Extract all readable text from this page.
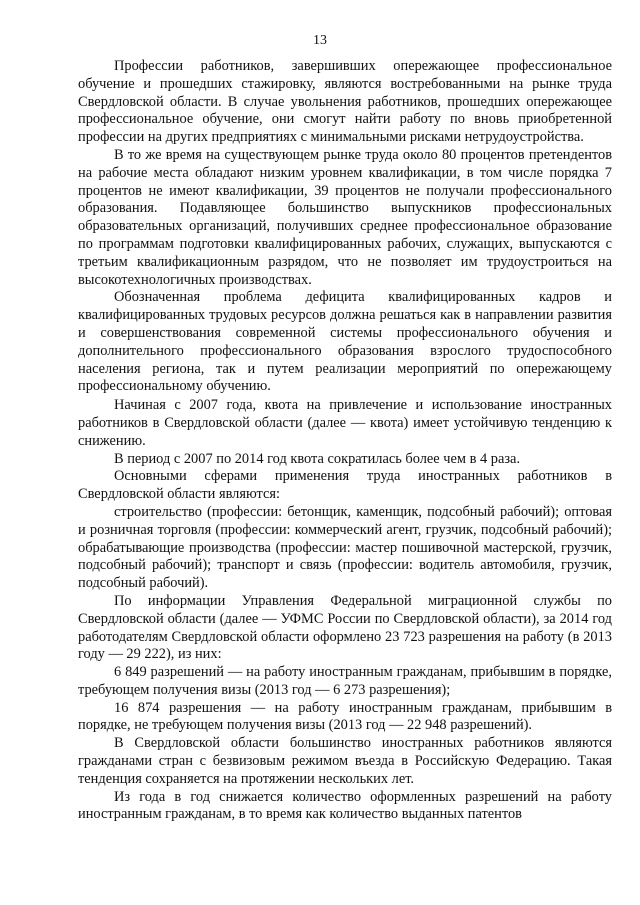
13

Профессии работников, завершивших опережающее профессиональное обучение и прошедших стажировку, являются востребованными на рынке труда Свердловской области. В случае увольнения работников, прошедших опережающее профессиональное обучение, они смогут найти работу по вновь приобретенной профессии на других предприятиях с минимальными рисками нетрудоустройства.

В то же время на существующем рынке труда около 80 процентов претендентов на рабочие места обладают низким уровнем квалификации, в том числе порядка 7 процентов не имеют квалификации, 39 процентов не получали профессионального образования. Подавляющее большинство выпускников профессиональных образовательных организаций, получивших среднее профессиональное образование по программам подготовки квалифицированных рабочих, служащих, выпускаются с третьим квалификационным разрядом, что не позволяет им трудоустроиться на высокотехнологичных производствах.

Обозначенная проблема дефицита квалифицированных кадров и квалифицированных трудовых ресурсов должна решаться как в направлении развития и совершенствования современной системы профессионального обучения и дополнительного профессионального образования взрослого трудоспособного населения региона, так и путем реализации мероприятий по опережающему профессиональному обучению.

Начиная с 2007 года, квота на привлечение и использование иностранных работников в Свердловской области (далее — квота) имеет устойчивую тенденцию к снижению.

В период с 2007 по 2014 год квота сократилась более чем в 4 раза.

Основными сферами применения труда иностранных работников в Свердловской области являются:

строительство (профессии: бетонщик, каменщик, подсобный рабочий); оптовая и розничная торговля (профессии: коммерческий агент, грузчик, подсобный рабочий); обрабатывающие производства (профессии: мастер пошивочной мастерской, грузчик, подсобный рабочий); транспорт и связь (профессии: водитель автомобиля, грузчик, подсобный рабочий).

По информации Управления Федеральной миграционной службы по Свердловской области (далее — УФМС России по Свердловской области), за 2014 год работодателям Свердловской области оформлено 23 723 разрешения на работу (в 2013 году — 29 222), из них:

6 849 разрешений — на работу иностранным гражданам, прибывшим в порядке, требующем получения визы (2013 год — 6 273 разрешения);

16 874 разрешения — на работу иностранным гражданам, прибывшим в порядке, не требующем получения визы (2013 год — 22 948 разрешений).

В Свердловской области большинство иностранных работников являются гражданами стран с безвизовым режимом въезда в Российскую Федерацию. Такая тенденция сохраняется на протяжении нескольких лет.

Из года в год снижается количество оформленных разрешений на работу иностранным гражданам, в то время как количество выданных патентов
